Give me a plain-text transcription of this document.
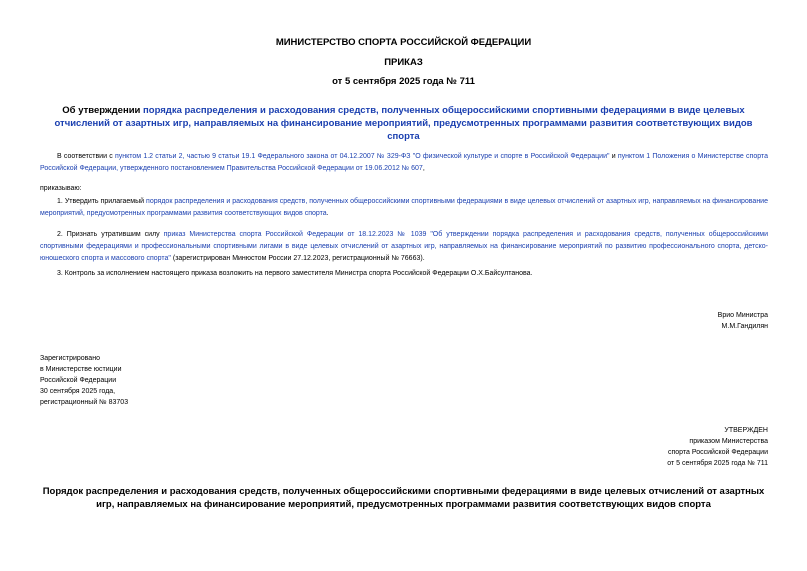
МИНИСТЕРСТВО СПОРТА РОССИЙСКОЙ ФЕДЕРАЦИИ
ПРИКАЗ
от 5 сентября 2025 года № 711
Об утверждении порядка распределения и расходования средств, полученных общероссийскими спортивными федерациями в виде целевых отчислений от азартных игр, направляемых на финансирование мероприятий, предусмотренных программами развития соответствующих видов спорта
В соответствии с пунктом 1.2 статьи 2, частью 9 статьи 19.1 Федерального закона от 04.12.2007 № 329-ФЗ "О физической культуре и спорте в Российской Федерации" и пунктом 1 Положения о Министерстве спорта Российской Федерации, утвержденного постановлением Правительства Российской Федерации от 19.06.2012 № 607,
приказываю:
1. Утвердить прилагаемый порядок распределения и расходования средств, полученных общероссийскими спортивными федерациями в виде целевых отчислений от азартных игр, направляемых на финансирование мероприятий, предусмотренных программами развития соответствующих видов спорта.
2. Признать утратившим силу приказ Министерства спорта Российской Федерации от 18.12.2023 № 1039 "Об утверждении порядка распределения и расходования средств, полученных общероссийскими спортивными федерациями и профессиональными спортивными лигами в виде целевых отчислений от азартных игр, направляемых на финансирование мероприятий по развитию профессионального спорта, детско-юношеского спорта и массового спорта" (зарегистрирован Минюстом России 27.12.2023, регистрационный № 76663).
3. Контроль за исполнением настоящего приказа возложить на первого заместителя Министра спорта Российской Федерации О.Х.Байсултанова.
Врио Министра
М.М.Гандилян
Зарегистрировано
в Министерстве юстиции
Российской Федерации
30 сентября 2025 года,
регистрационный № 83703
УТВЕРЖДЕН
приказом Министерства
спорта Российской Федерации
от 5 сентября 2025 года № 711
Порядок распределения и расходования средств, полученных общероссийскими спортивными федерациями в виде целевых отчислений от азартных игр, направляемых на финансирование мероприятий, предусмотренных программами развития соответствующих видов спорта
